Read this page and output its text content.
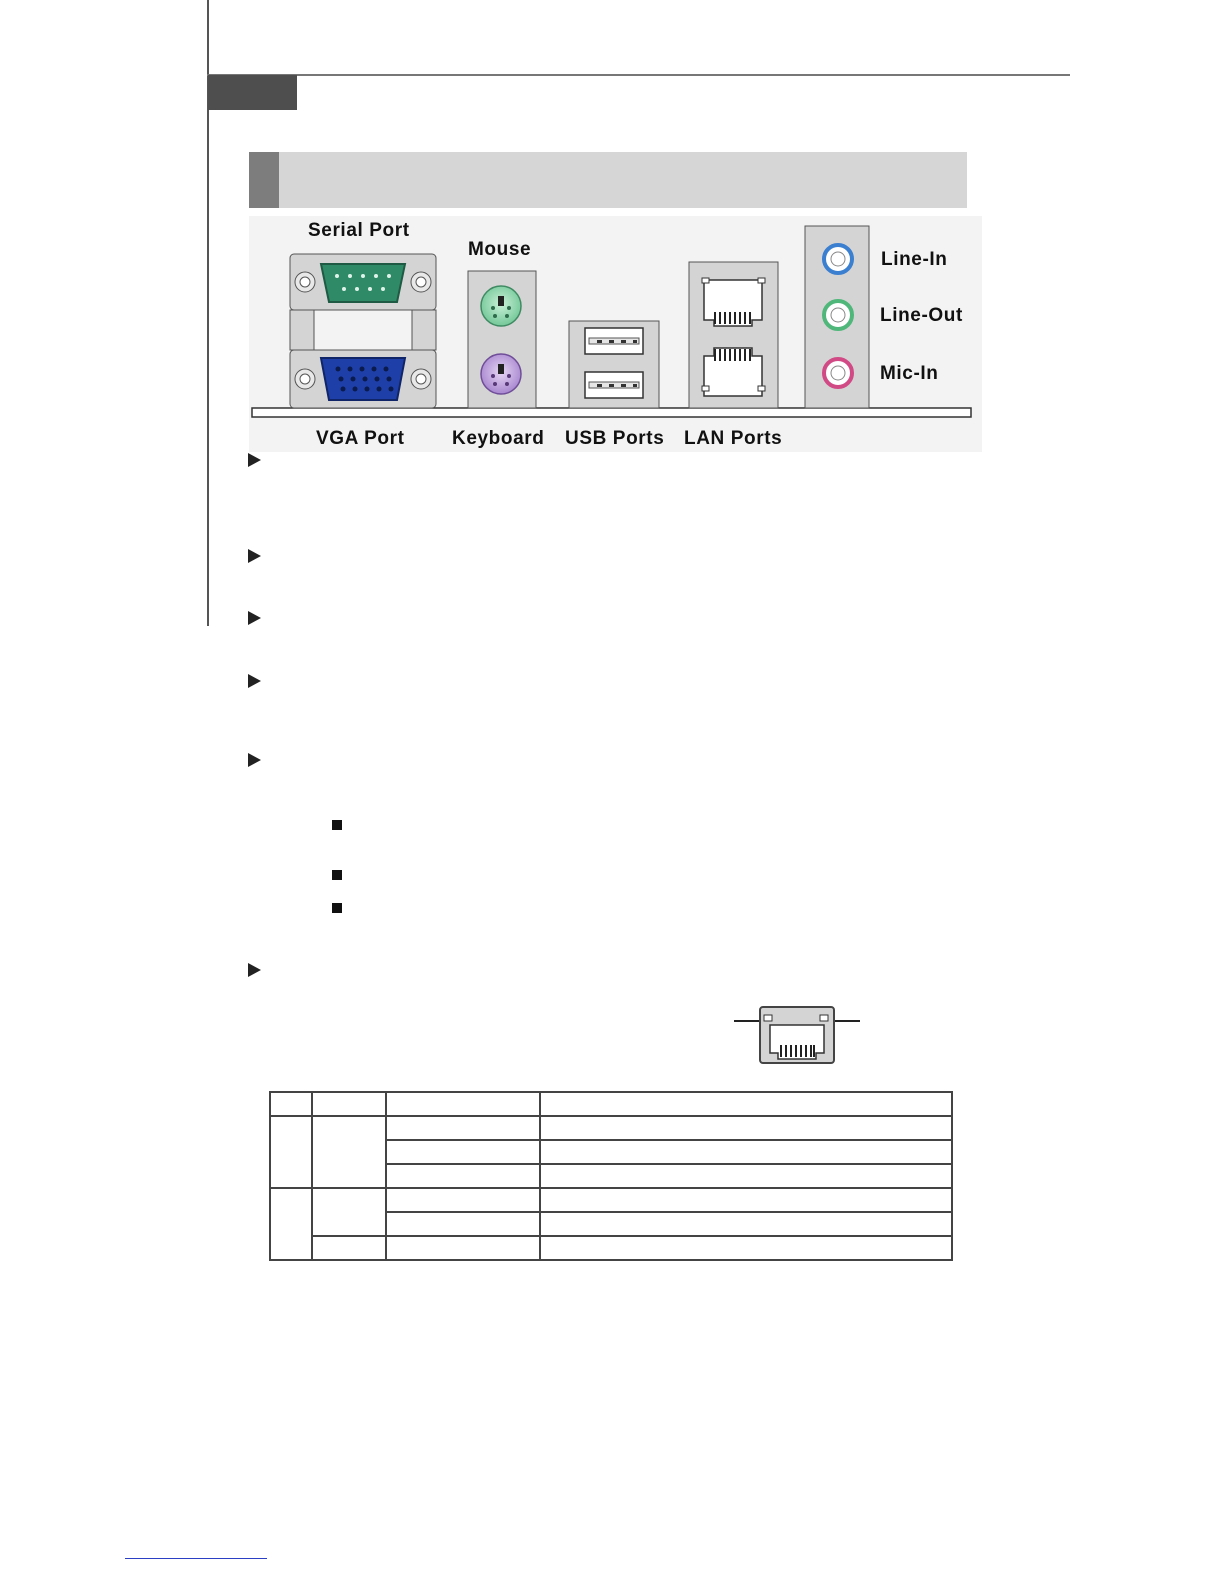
Serial Port
Mouse
VGA Port Keyboard USB Ports LAN Ports
Line-In
Line-Out
Mic-In
